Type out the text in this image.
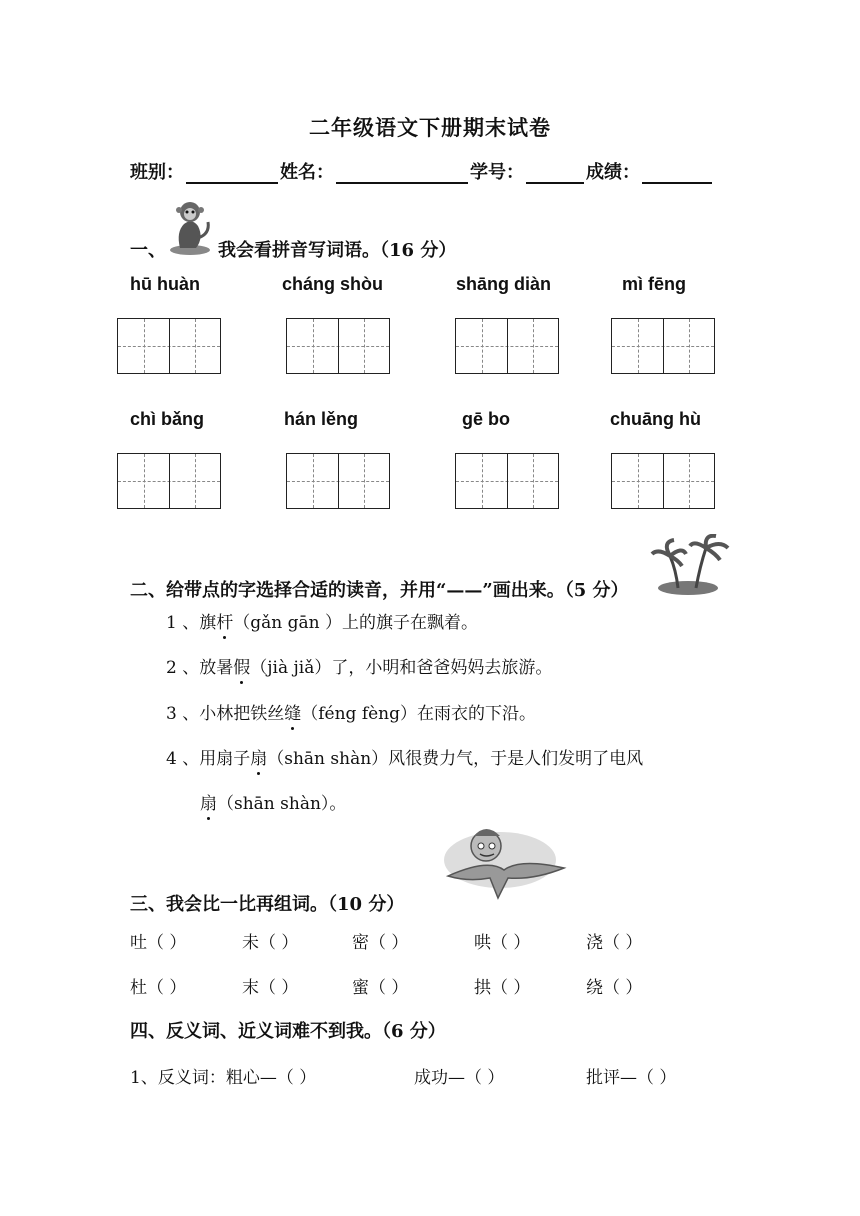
二年级语文下册期末试卷
班别：	姓名：	学号：	成绩：
一、	我会看拼音写词语。（16 分）
hū huàn	cháng shòu	shāng diàn	mì fēng
chì bǎng	hán lěng	gē bo	chuāng hù
二、给带点的字选择合适的读音，并用“——”画出来。（5 分）
1 、旗杆（gǎn gān ）上的旗子在飘着。
2 、放暑假（jià jiǎ）了，小明和爸爸妈妈去旅游。
3 、小林把铁丝缝（féng fèng）在雨衣的下沿。
4 、用扇子扇（shān shàn）风很费力气，于是人们发明了电风
扇（shān shàn）。
三、我会比一比再组词。（10 分）
吐（ ）	未（ ）	密（ ）	哄（ ）	浇（ ）
杜（ ）	末（ ）	蜜（ ）	拱（ ）	绕（ ）
四、反义词、近义词难不到我。（6 分）
1、反义词：粗心—（ ）	成功—（ ）	批评—（ ）
